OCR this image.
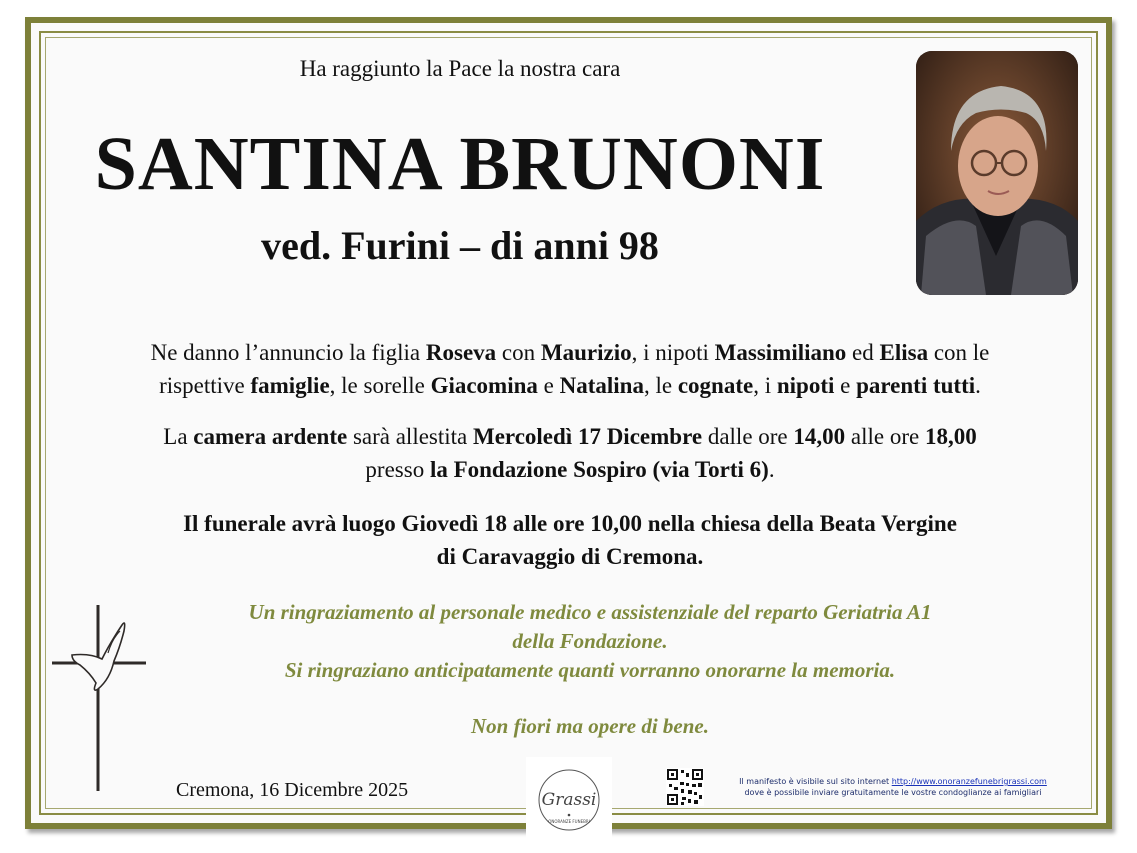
Ha raggiunto la Pace la nostra cara
SANTINA BRUNONI
ved. Furini – di anni 98
Ne danno l’annuncio la figlia Roseva con Maurizio, i nipoti Massimiliano ed Elisa con le
rispettive famiglie, le sorelle Giacomina e Natalina, le cognate, i nipoti e parenti tutti.
La camera ardente sarà allestita Mercoledì 17 Dicembre dalle ore 14,00 alle ore 18,00
presso la Fondazione Sospiro (via Torti 6).
Il funerale avrà luogo Giovedì 18 alle ore 10,00 nella chiesa della Beata Vergine
di Caravaggio di Cremona.
Un ringraziamento al personale medico e assistenziale del reparto Geriatria A1
della Fondazione.
Si ringraziano anticipatamente quanti vorranno onorarne la memoria.
Non fiori ma opere di bene.
Cremona, 16 Dicembre 2025	Grassi
ONORANZE FUNEBRI
Il manifesto è visibile sul sito internet http://www.onoranzefunebrigrassi.com
dove è possibile inviare gratuitamente le vostre condoglianze ai famigliari
